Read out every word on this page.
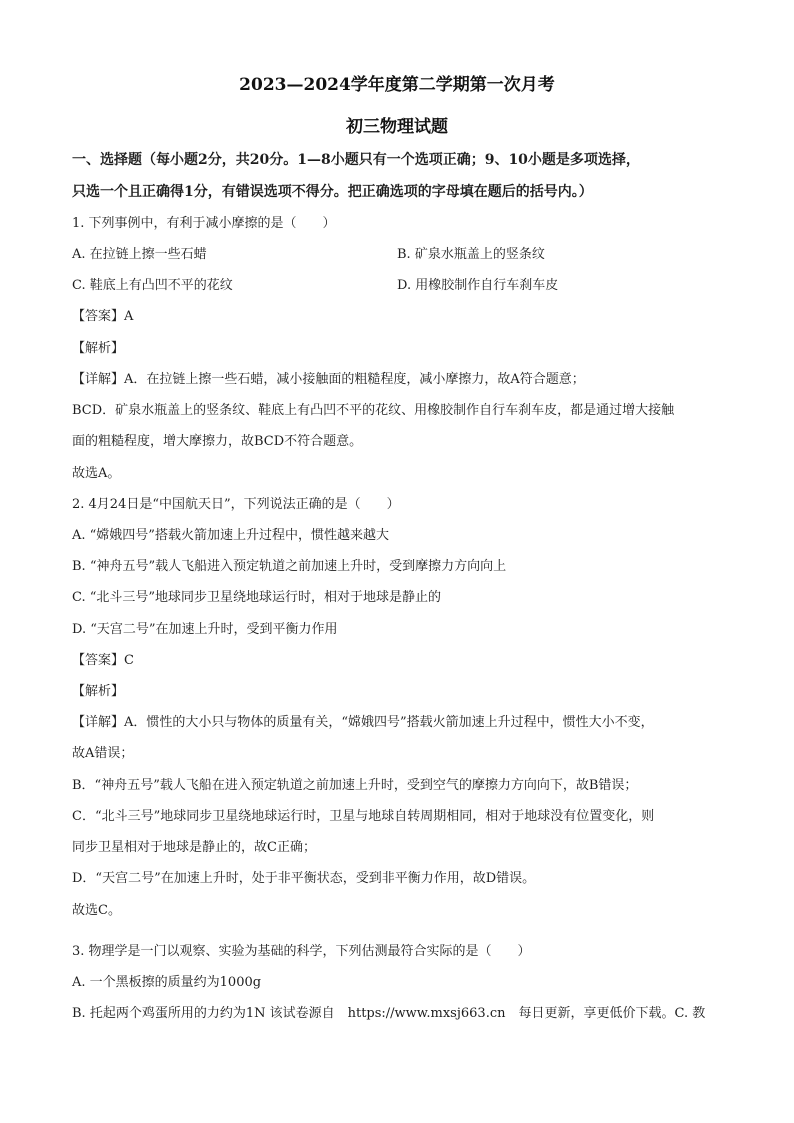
2023—2024学年度第二学期第一次月考
初三物理试题
一、选择题（每小题2分，共20分。1—8小题只有一个选项正确；9、10小题是多项选择，
只选一个且正确得1分，有错误选项不得分。把正确选项的字母填在题后的括号内。）
1. 下列事例中，有利于减小摩擦的是（　　）
A. 在拉链上擦一些石蜡	B. 矿泉水瓶盖上的竖条纹
C. 鞋底上有凸凹不平的花纹	D. 用橡胶制作自行车刹车皮
【答案】A
【解析】
【详解】A．在拉链上擦一些石蜡，减小接触面的粗糙程度，减小摩擦力，故A符合题意；
BCD．矿泉水瓶盖上的竖条纹、鞋底上有凸凹不平的花纹、用橡胶制作自行车刹车皮，都是通过增大接触
面的粗糙程度，增大摩擦力，故BCD不符合题意。
故选A。
2. 4月24日是“中国航天日”，下列说法正确的是（　　）
A. “嫦娥四号”搭载火箭加速上升过程中，惯性越来越大
B. “神舟五号”载人飞船进入预定轨道之前加速上升时，受到摩擦力方向向上
C. “北斗三号”地球同步卫星绕地球运行时，相对于地球是静止的
D. “天宫二号”在加速上升时，受到平衡力作用
【答案】C
【解析】
【详解】A．惯性的大小只与物体的质量有关，“嫦娥四号”搭载火箭加速上升过程中，惯性大小不变，
故A错误；
B．“神舟五号”载人飞船在进入预定轨道之前加速上升时，受到空气的摩擦力方向向下，故B错误；
C．“北斗三号”地球同步卫星绕地球运行时，卫星与地球自转周期相同，相对于地球没有位置变化，则
同步卫星相对于地球是静止的，故C正确；
D．“天宫二号”在加速上升时，处于非平衡状态，受到非平衡力作用，故D错误。
故选C。
3. 物理学是一门以观察、实验为基础的科学，下列估测最符合实际的是（　　）
A. 一个黑板擦的质量约为1000g
B. 托起两个鸡蛋所用的力约为1N 该试卷源自　https://www.mxsj663.cn　每日更新，享更低价下载。C. 教
